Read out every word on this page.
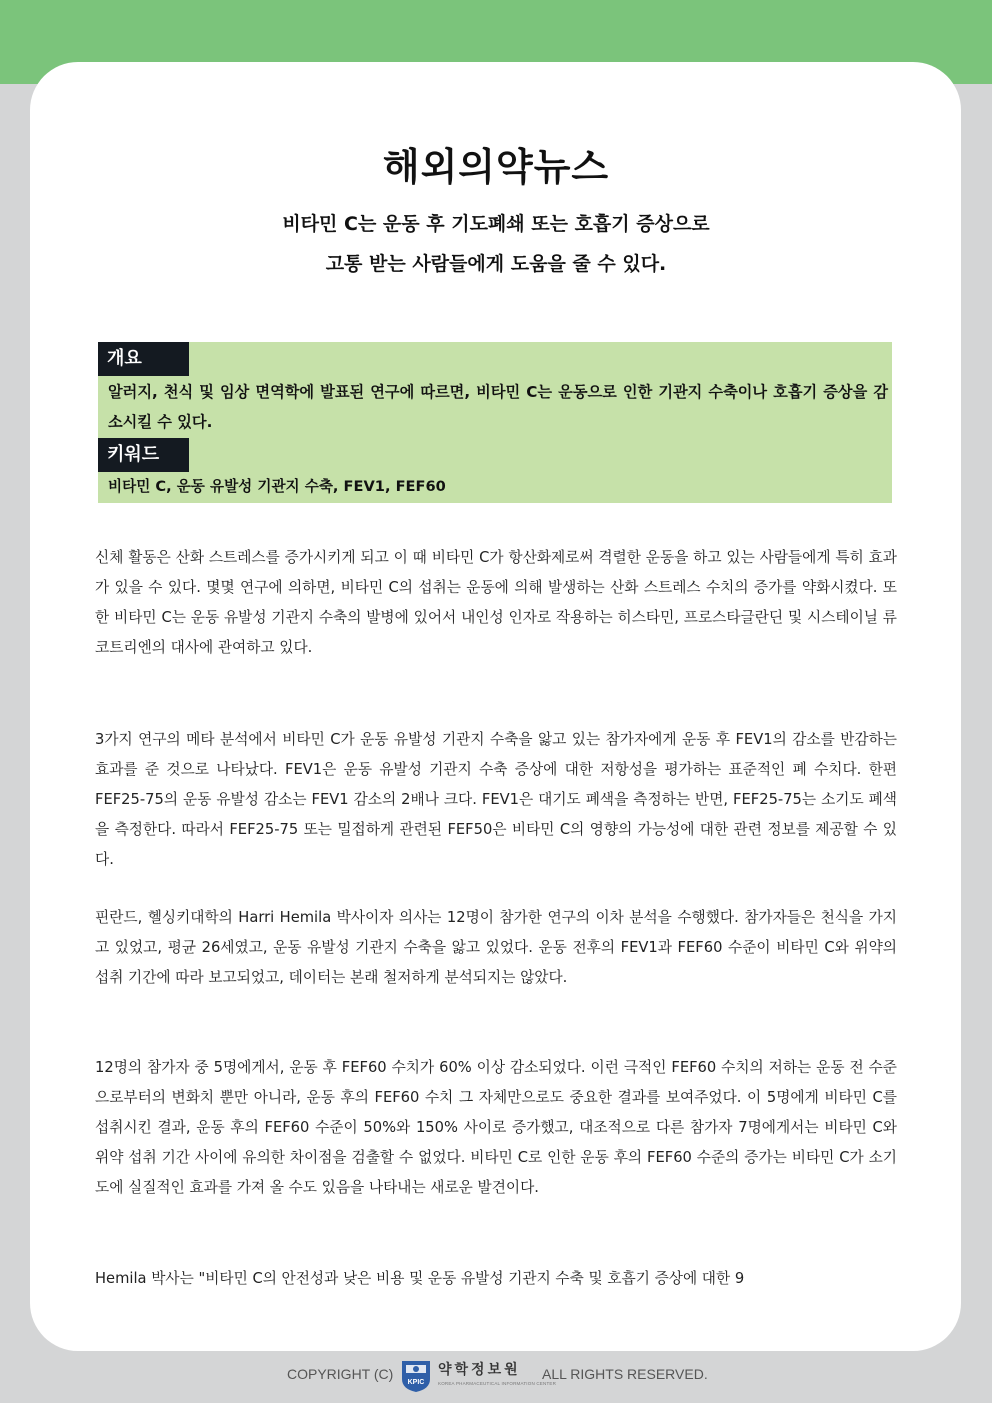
해외의약뉴스
비타민 C는 운동 후 기도폐쇄 또는 호흡기 증상으로
고통 받는 사람들에게 도움을 줄 수 있다.
개요
알러지, 천식 및 임상 면역학에 발표된 연구에 따르면, 비타민 C는 운동으로 인한 기관지 수축이나 호흡기 증상을 감소시킬 수 있다.
키워드
비타민 C, 운동 유발성 기관지 수축, FEV1, FEF60
신체 활동은 산화 스트레스를 증가시키게 되고 이 때 비타민 C가 항산화제로써 격렬한 운동을 하고 있는 사람들에게 특히 효과가 있을 수 있다. 몇몇 연구에 의하면, 비타민 C의 섭취는 운동에 의해 발생하는 산화 스트레스 수치의 증가를 약화시켰다. 또한 비타민 C는 운동 유발성 기관지 수축의 발병에 있어서 내인성 인자로 작용하는 히스타민, 프로스타글란딘 및 시스테이닐 류코트리엔의 대사에 관여하고 있다.
3가지 연구의 메타 분석에서 비타민 C가 운동 유발성 기관지 수축을 앓고 있는 참가자에게 운동 후 FEV1의 감소를 반감하는 효과를 준 것으로 나타났다. FEV1은 운동 유발성 기관지 수축 증상에 대한 저항성을 평가하는 표준적인 폐 수치다. 한편 FEF25-75의 운동 유발성 감소는 FEV1 감소의 2배나 크다. FEV1은 대기도 폐색을 측정하는 반면, FEF25-75는 소기도 폐색을 측정한다. 따라서 FEF25-75 또는 밀접하게 관련된 FEF50은 비타민 C의 영향의 가능성에 대한 관련 정보를 제공할 수 있다.
핀란드, 헬싱키대학의 Harri Hemila 박사이자 의사는 12명이 참가한 연구의 이차 분석을 수행했다. 참가자들은 천식을 가지고 있었고, 평균 26세였고, 운동 유발성 기관지 수축을 앓고 있었다. 운동 전후의 FEV1과 FEF60 수준이 비타민 C와 위약의 섭취 기간에 따라 보고되었고, 데이터는 본래 철저하게 분석되지는 않았다.
12명의 참가자 중 5명에게서, 운동 후 FEF60 수치가 60% 이상 감소되었다. 이런 극적인 FEF60 수치의 저하는 운동 전 수준으로부터의 변화치 뿐만 아니라, 운동 후의 FEF60 수치 그 자체만으로도 중요한 결과를 보여주었다. 이 5명에게 비타민 C를 섭취시킨 결과, 운동 후의 FEF60 수준이 50%와 150% 사이로 증가했고, 대조적으로 다른 참가자 7명에게서는 비타민 C와 위약 섭취 기간 사이에 유의한 차이점을 검출할 수 없었다. 비타민 C로 인한 운동 후의 FEF60 수준의 증가는 비타민 C가 소기도에 실질적인 효과를 가져 올 수도 있음을 나타내는 새로운 발견이다.
Hemila 박사는 "비타민 C의 안전성과 낮은 비용 및 운동 유발성 기관지 수축 및 호흡기 증상에 대한 9
COPYRIGHT (C)
KPIC
약학정보원
KOREA PHARMACEUTICAL INFORMATION CENTER
ALL RIGHTS RESERVED.
